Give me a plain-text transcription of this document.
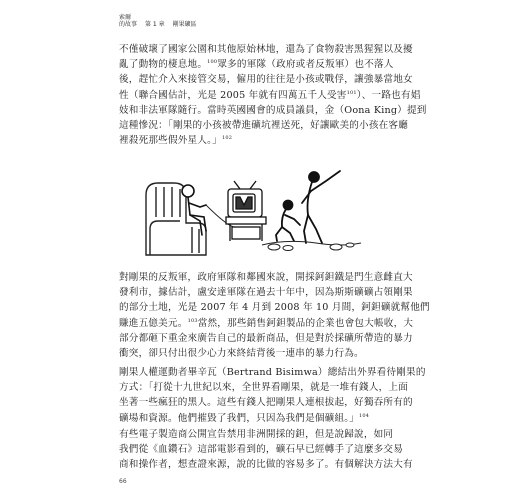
索爾
的故事 第 1 章 剛果礦區

不僅破壞了國家公園和其他原始林地，還為了食物殺害黑猩猩以及擾
亂了動物的棲息地。$^{100}$眾多的軍隊（政府或者反叛軍）也不落人
後，趕忙介入來接管交易，僱用的往往是小孩或戰俘，讓強暴當地女
性（聯合國估計，光是 2005 年就有四萬五千人受害$^{101}$）、一路也有娼
妓和非法軍隊隨行。當時英國國會的成員議員，金（Oona King）提到
這種慘況：「剛果的小孩被帶進礦坑裡送死，好讓歐美的小孩在客廳
裡殺死那些假外星人。」$^{102}$

對剛果的反叛軍，政府軍隊和鄰國來說，開採鈳鉭鐵是門生意雌直大
發利市，據估計，盧安達軍隊在過去十年中，因為斯斯礦礦占領剛果
的部分土地，光是 2007 年 4 月到 2008 年 10 月間，鈳鉭礦就幫他們
賺進五億美元。$^{103}$當然，那些銷售鈳鉭製品的企業也會包大帳收，大
部分都砸下重金來廣告自己的最新商品，但是對於採礦所帶造的暴力
衝突，卻只付出很少心力來終結背後一連串的暴力行為。

剛果人權運動者畢辛瓦（Bertrand Bisimwa）總結出外界看待剛果的
方式：「打從十九世紀以來，全世界看剛果，就是一堆有錢人，上面
坐著一些瘋狂的黑人。這些有錢人把剛果人連根拔起，好獨吞所有的
礦場和資源。他們摧毀了我們，只因為我們是個礦組。」$^{104}$

有些電子製造商公開宣告禁用非洲開採的鉭，但是說歸說，如同
我們從《血鑽石》這部電影看到的，礦石早已經轉手了這麼多交易
商和操作者，想查證來源，說的比做的容易多了。有個解決方法大有

66
